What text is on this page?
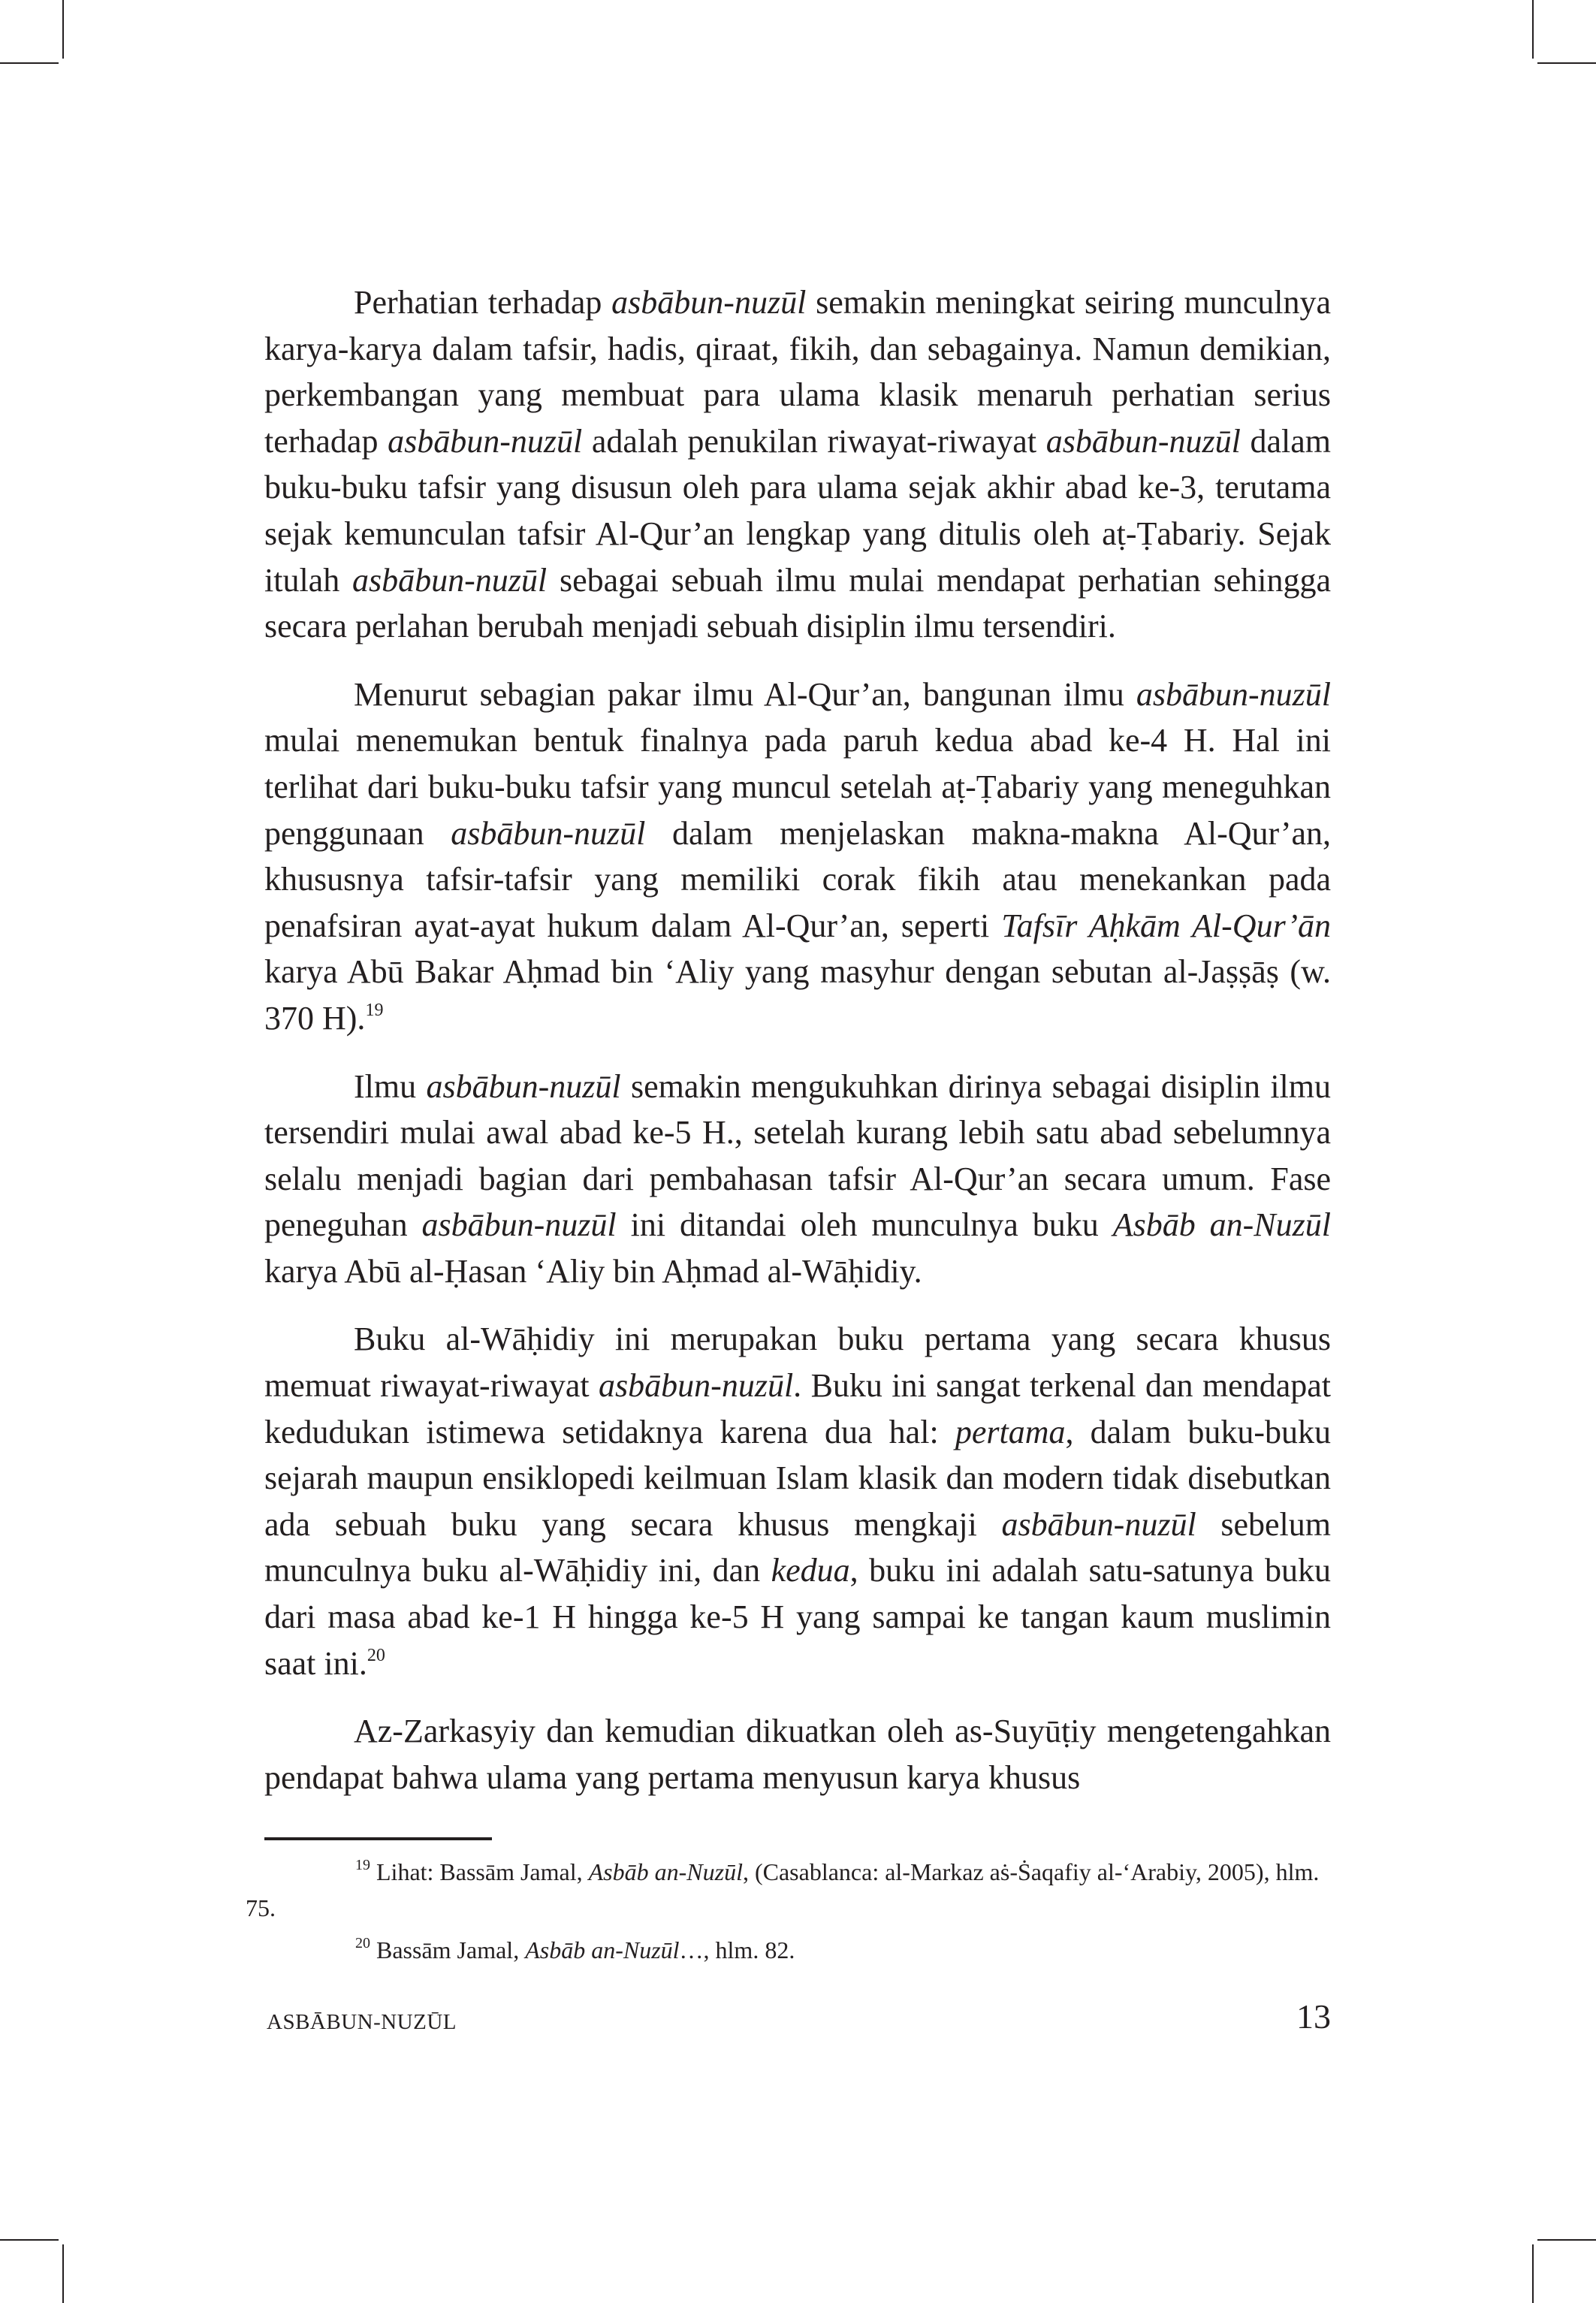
Perhatian terhadap asbābun-nuzūl semakin meningkat seiring munculnya karya-karya dalam tafsir, hadis, qiraat, fikih, dan sebagainya. Namun demikian, perkembangan yang membuat para ulama klasik menaruh perhatian serius terhadap asbābun-nuzūl adalah penukilan riwayat-riwayat asbābun-nuzūl dalam buku-buku tafsir yang disusun oleh para ulama sejak akhir abad ke-3, terutama sejak kemunculan tafsir Al-Qur’an lengkap yang ditulis oleh aṭ-Ṭabariy. Sejak itulah asbābun-nuzūl sebagai sebuah ilmu mulai mendapat perhatian sehingga secara perlahan berubah menjadi sebuah disiplin ilmu tersendiri.

Menurut sebagian pakar ilmu Al-Qur’an, bangunan ilmu asbābun-nuzūl mulai menemukan bentuk finalnya pada paruh kedua abad ke-4 H. Hal ini terlihat dari buku-buku tafsir yang muncul setelah aṭ-Ṭabariy yang meneguhkan penggunaan asbābun-nuzūl dalam menjelaskan makna-makna Al-Qur’an, khususnya tafsir-tafsir yang memiliki corak fikih atau menekankan pada penafsiran ayat-ayat hukum dalam Al-Qur’an, seperti Tafsīr Aḥkām Al-Qur’ān karya Abū Bakar Aḥmad bin ‘Aliy yang masyhur dengan sebutan al-Jaṣṣāṣ (w. 370 H).$^{19}$

Ilmu asbābun-nuzūl semakin mengukuhkan dirinya sebagai disiplin ilmu tersendiri mulai awal abad ke-5 H., setelah kurang lebih satu abad sebelumnya selalu menjadi bagian dari pembahasan tafsir Al-Qur’an secara umum. Fase peneguhan asbābun-nuzūl ini ditandai oleh munculnya buku Asbāb an-Nuzūl karya Abū al-Ḥasan ‘Aliy bin Aḥmad al-Wāḥidiy.

Buku al-Wāḥidiy ini merupakan buku pertama yang secara khusus memuat riwayat-riwayat asbābun-nuzūl. Buku ini sangat terkenal dan mendapat kedudukan istimewa setidaknya karena dua hal: pertama, dalam buku-buku sejarah maupun ensiklopedi keilmuan Islam klasik dan modern tidak disebutkan ada sebuah buku yang secara khusus mengkaji asbābun-nuzūl sebelum munculnya buku al-Wāḥidiy ini, dan kedua, buku ini adalah satu-satunya buku dari masa abad ke-1 H hingga ke-5 H yang sampai ke tangan kaum muslimin saat ini.$^{20}$

Az-Zarkasyiy dan kemudian dikuatkan oleh as-Suyūṭiy mengetengahkan pendapat bahwa ulama yang pertama menyusun karya khusus

$^{19}$ Lihat: Bassām Jamal, Asbāb an-Nuzūl, (Casablanca: al-Markaz aṡ-Ṡaqafiy al-‘Arabiy, 2005), hlm. 75.

$^{20}$ Bassām Jamal, Asbāb an-Nuzūl…, hlm. 82.

ASBĀBUN-NUZŪL	13
